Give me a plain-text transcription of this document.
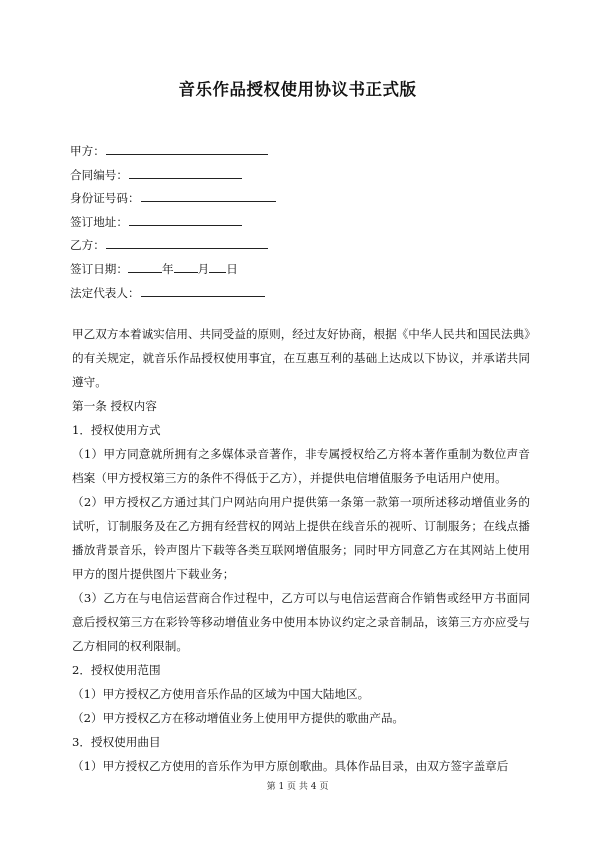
音乐作品授权使用协议书正式版
甲方：
合同编号：
身份证号码：
签订地址：
乙方：
签订日期：	年 月 日
法定代表人：

甲乙双方本着诚实信用、共同受益的原则，经过友好协商，根据《中华人民共和国民法典》的有关规定，就音乐作品授权使用事宜，在互惠互利的基础上达成以下协议，并承诺共同遵守。

第一条 授权内容

1．授权使用方式

（1）甲方同意就所拥有之多媒体录音著作，非专属授权给乙方将本著作重制为数位声音档案（甲方授权第三方的条件不得低于乙方），并提供电信增值服务予电话用户使用。

（2）甲方授权乙方通过其门户网站向用户提供第一条第一款第一项所述移动增值业务的试听，订制服务及在乙方拥有经营权的网站上提供在线音乐的视听、订制服务；在线点播播放背景音乐，铃声图片下载等各类互联网增值服务；同时甲方同意乙方在其网站上使用甲方的图片提供图片下载业务；

（3）乙方在与电信运营商合作过程中，乙方可以与电信运营商合作销售或经甲方书面同意后授权第三方在彩铃等移动增值业务中使用本协议约定之录音制品，该第三方亦应受与乙方相同的权利限制。

2．授权使用范围

（1）甲方授权乙方使用音乐作品的区域为中国大陆地区。

（2）甲方授权乙方在移动增值业务上使用甲方提供的歌曲产品。

3．授权使用曲目

（1）甲方授权乙方使用的音乐作为甲方原创歌曲。具体作品目录，由双方签字盖章后

第 1 页 共 4 页
